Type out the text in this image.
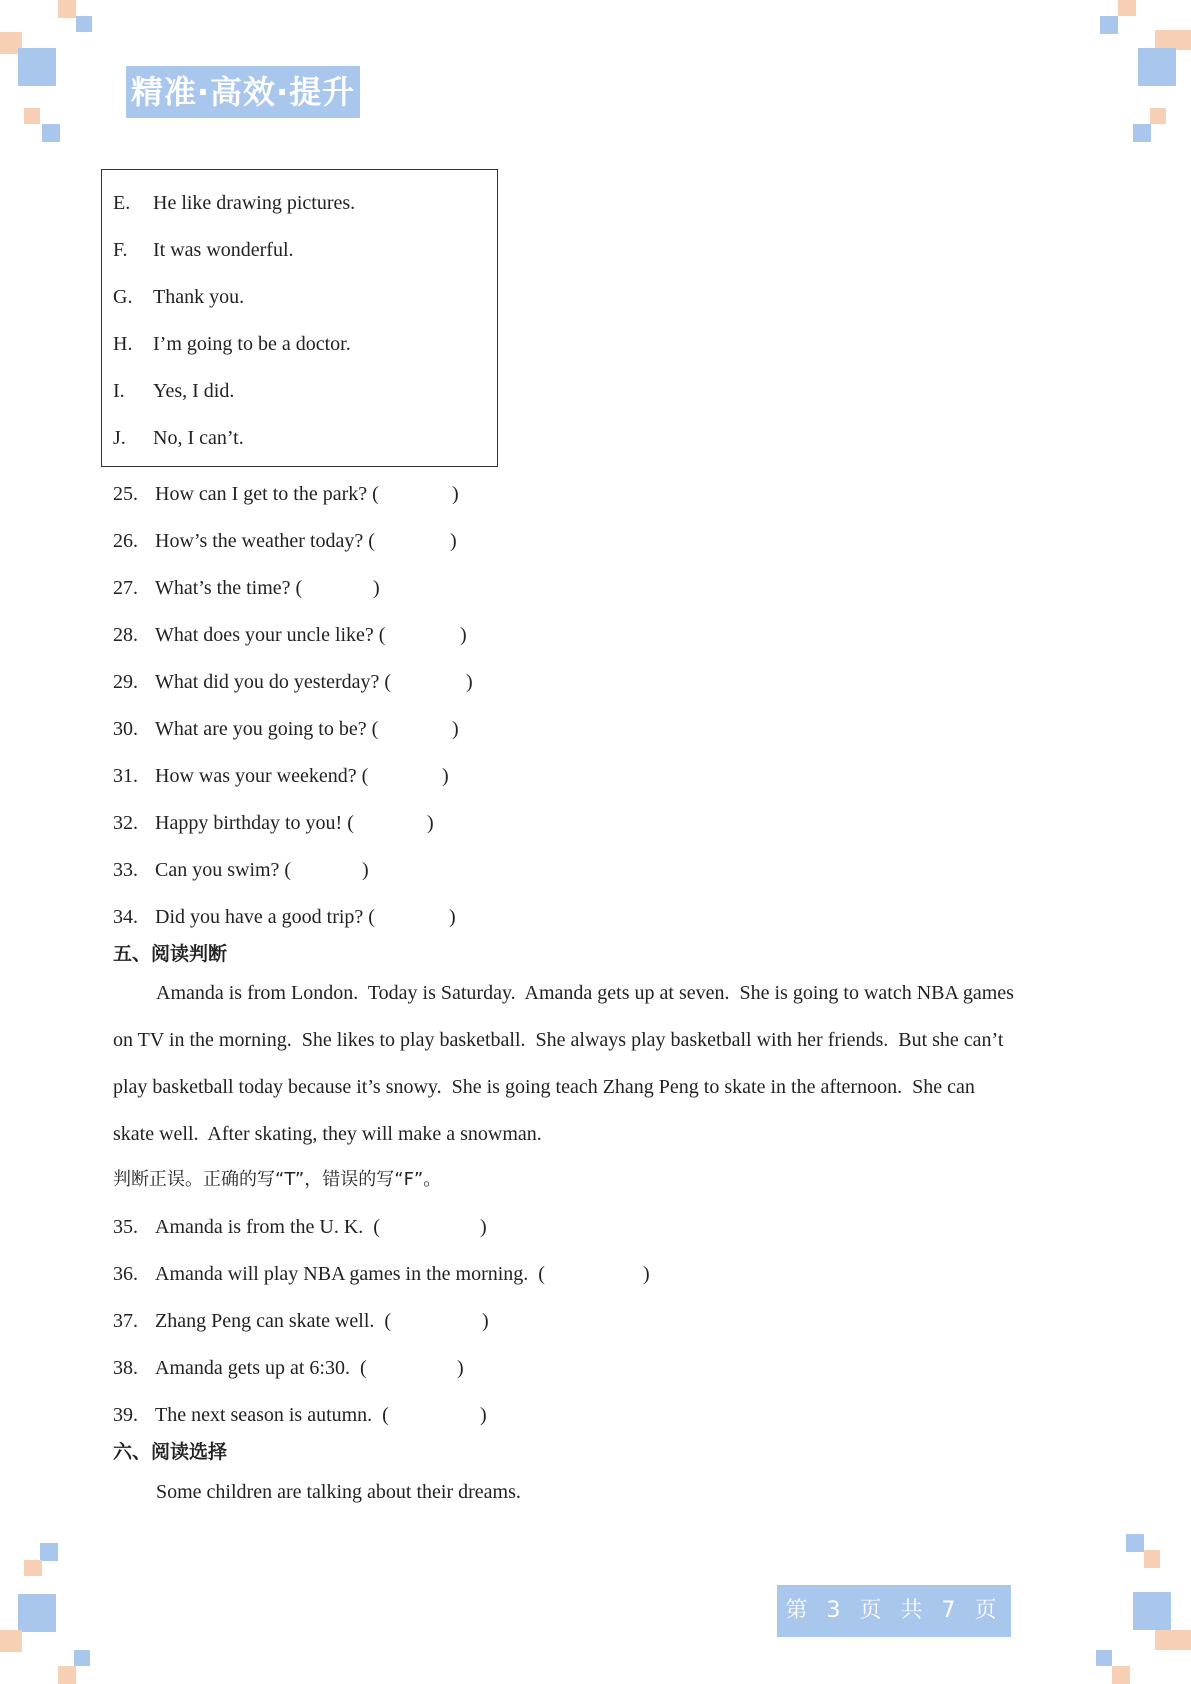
精准·高效·提升
E. He like drawing pictures.
F. It was wonderful.
G. Thank you.
H. I’m going to be a doctor.
I. Yes, I did.
J. No, I can’t.
25. How can I get to the park? (	)
26. How’s the weather today? (	)
27. What’s the time? (	)
28. What does your uncle like? (	)
29. What did you do yesterday? (	)
30. What are you going to be? (	)
31. How was your weekend? (	)
32. Happy birthday to you! (	)
33. Can you swim? (	)
34. Did you have a good trip? (	)
五、阅读判断
Amanda is from London.  Today is Saturday.  Amanda gets up at seven.  She is going to watch NBA games
on TV in the morning.  She likes to play basketball.  She always play basketball with her friends.  But she can’t
play basketball today because it’s snowy.  She is going teach Zhang Peng to skate in the afternoon.  She can
skate well.  After skating, they will make a snowman.
判断正误。正确的写“T”，错误的写“F”。
35. Amanda is from the U. K.  (	)
36. Amanda will play NBA games in the morning.  (	)
37. Zhang Peng can skate well.  (	)
38. Amanda gets up at 6:30.  (	)
39. The next season is autumn.  (	)
六、阅读选择
Some children are talking about their dreams.
第 3 页 共 7 页
